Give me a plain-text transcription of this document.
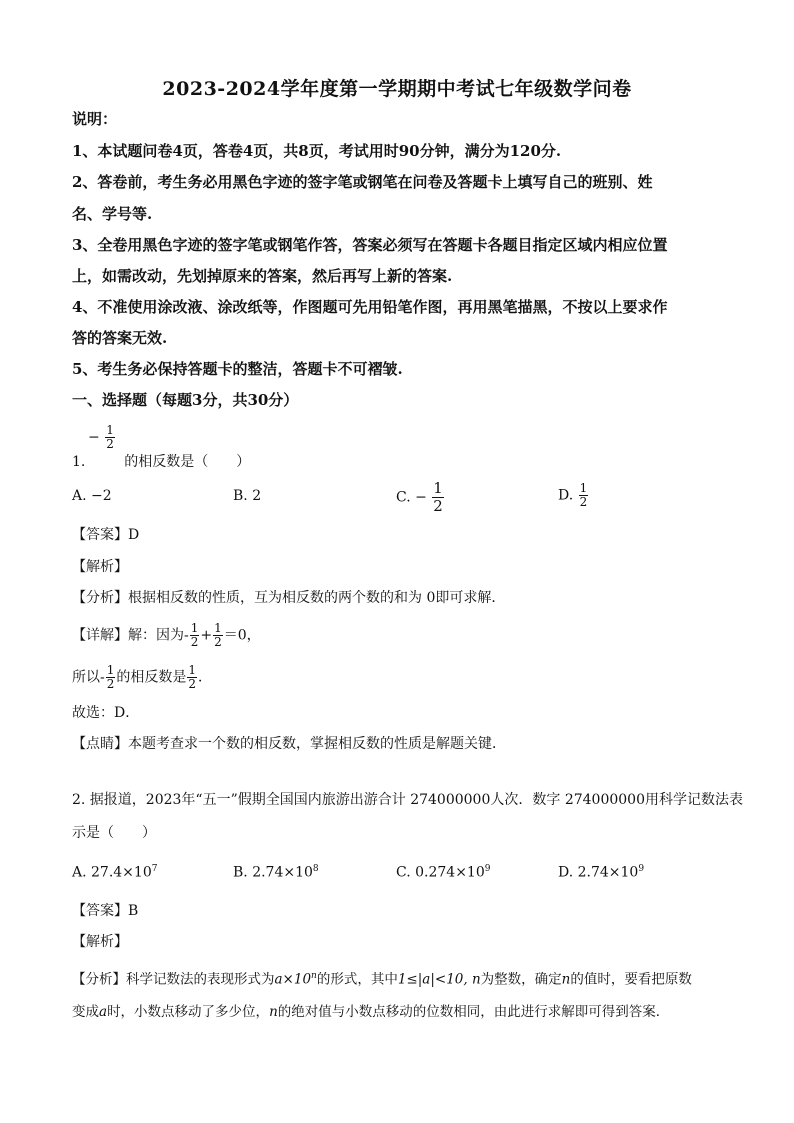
2023-2024学年度第一学期期中考试七年级数学问卷
说明：
1、本试题问卷4页，答卷4页，共8页，考试用时90分钟，满分为120分.
2、答卷前，考生务必用黑色字迹的签字笔或钢笔在问卷及答题卡上填写自己的班别、姓
名、学号等.
3、全卷用黑色字迹的签字笔或钢笔作答，答案必须写在答题卡各题目指定区域内相应位置
上，如需改动，先划掉原来的答案，然后再写上新的答案.
4、不准使用涂改液、涂改纸等，作图题可先用铅笔作图，再用黑笔描黑，不按以上要求作
答的答案无效.
5、考生务必保持答题卡的整洁，答题卡不可褶皱.
一、选择题（每题3分，共30分）
− $\frac{1}{2}$
1.	的相反数是（　　）
A. −2	B. 2	C. − $\frac{1}{2}$	D. $\frac{1}{2}$
【答案】D
【解析】
【分析】根据相反数的性质，互为相反数的两个数的和为 0即可求解．
【详解】解：因为- $\frac{1}{2} + \frac{1}{2} =0$，
所以- $\frac{1}{2}$ 的相反数是 $\frac{1}{2}$ ．
故选：D．
【点睛】本题考查求一个数的相反数，掌握相反数的性质是解题关键．
2. 据报道，2023年“五一”假期全国国内旅游出游合计 274000000人次．数字 274000000用科学记数法表
示是（　　）
A. $27.4\times 10^7$	B. $2.74\times 10^8$	C. $0.274\times 10^9$	D. $2.74\times 10^9$
【答案】B
【解析】
【分析】科学记数法的表现形式为$a\times 10^n$的形式，其中1≤|a|<10, n为整数，确定n的值时，要看把原数
变成a时，小数点移动了多少位，n的绝对值与小数点移动的位数相同，由此进行求解即可得到答案．
